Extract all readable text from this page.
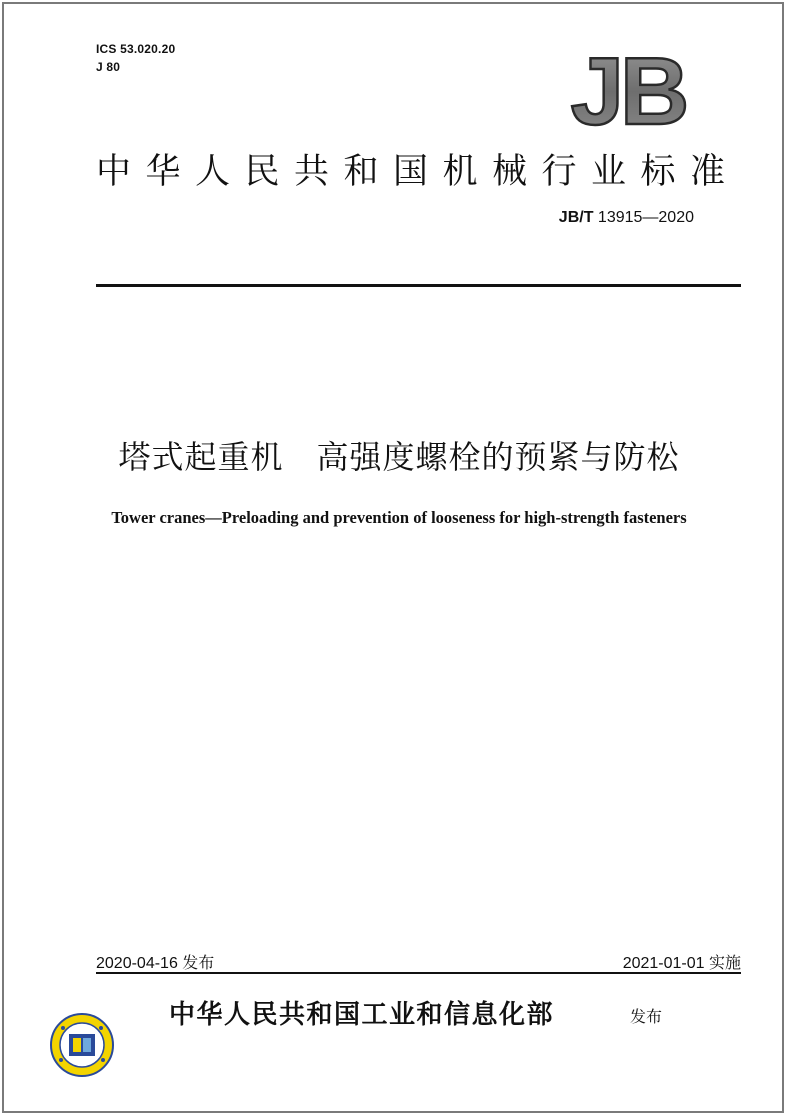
ICS 53.020.20
J 80	JB
中华人民共和国机械行业标准
JB/T 13915—2020
塔式起重机　高强度螺栓的预紧与防松
Tower cranes—Preloading and prevention of looseness for high-strength fasteners
2020-04-16 发布	2021-01-01 实施
中华人民共和国工业和信息化部	发布
